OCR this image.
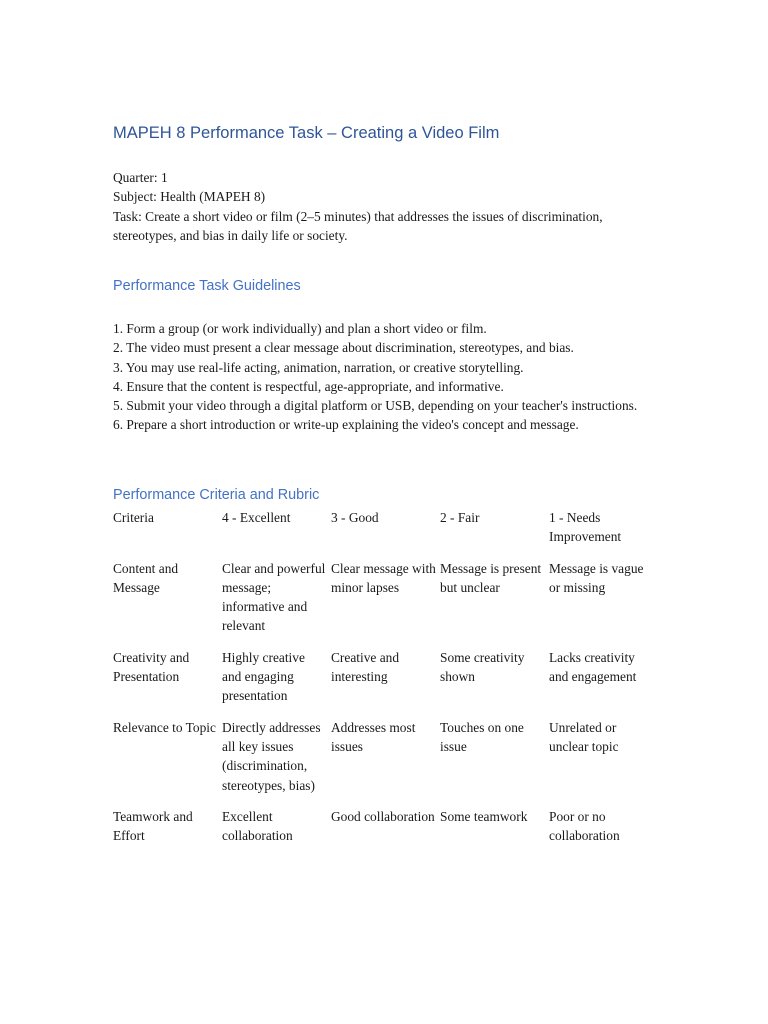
MAPEH 8 Performance Task – Creating a Video Film

Quarter: 1

Subject: Health (MAPEH 8)

Task: Create a short video or film (2–5 minutes) that addresses the issues of discrimination, stereotypes, and bias in daily life or society.

Performance Task Guidelines
1. Form a group (or work individually) and plan a short video or film.
2. The video must present a clear message about discrimination, stereotypes, and bias.
3. You may use real-life acting, animation, narration, or creative storytelling.
4. Ensure that the content is respectful, age-appropriate, and informative.
5. Submit your video through a digital platform or USB, depending on your teacher's instructions.
6. Prepare a short introduction or write-up explaining the video's concept and message.
Performance Criteria and Rubric
Criteria	4 - Excellent	3 - Good	2 - Fair	1 - Needs Improvement
Content and Message	Clear and powerful message; informative and relevant	Clear message with minor lapses	Message is present but unclear	Message is vague or missing
Creativity and Presentation	Highly creative and engaging presentation	Creative and interesting	Some creativity shown	Lacks creativity and engagement
Relevance to Topic	Directly addresses all key issues (discrimination, stereotypes, bias)	Addresses most issues	Touches on one issue	Unrelated or unclear topic
Teamwork and Effort	Excellent collaboration	Good collaboration	Some teamwork	Poor or no collaboration
